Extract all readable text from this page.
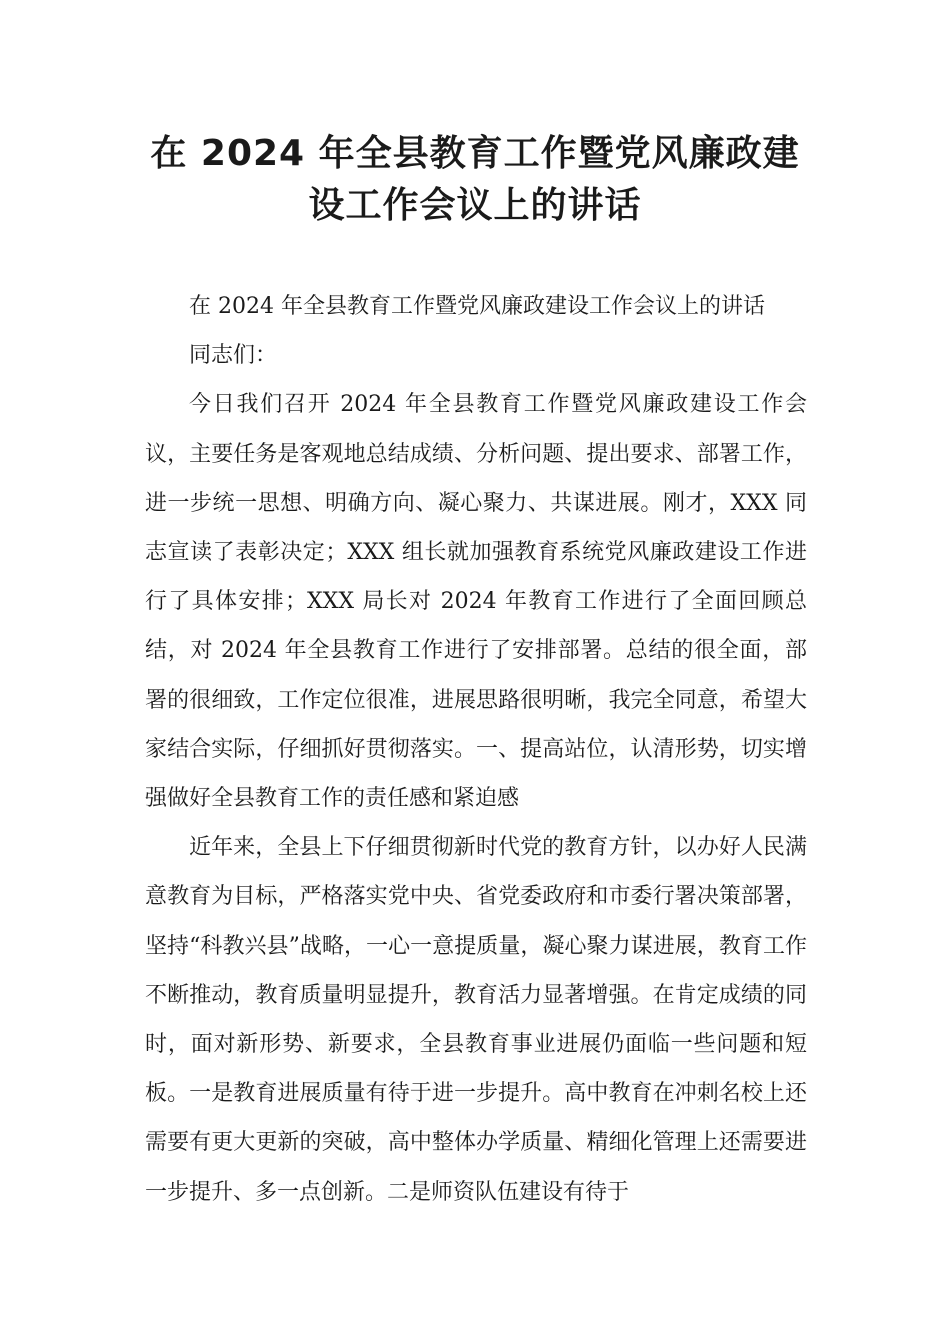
在 2024 年全县教育工作暨党风廉政建
设工作会议上的讲话

在 2024 年全县教育工作暨党风廉政建设工作会议上的讲话

同志们：

今日我们召开 2024 年全县教育工作暨党风廉政建设工作会议，主要任务是客观地总结成绩、分析问题、提出要求、部署工作，进一步统一思想、明确方向、凝心聚力、共谋进展。刚才，XXX 同志宣读了表彰决定；XXX 组长就加强教育系统党风廉政建设工作进行了具体安排；XXX 局长对 2024 年教育工作进行了全面回顾总结，对 2024 年全县教育工作进行了安排部署。总结的很全面，部署的很细致，工作定位很准，进展思路很明晰，我完全同意，希望大家结合实际，仔细抓好贯彻落实。一、提高站位，认清形势，切实增强做好全县教育工作的责任感和紧迫感

近年来，全县上下仔细贯彻新时代党的教育方针，以办好人民满意教育为目标，严格落实党中央、省党委政府和市委行署决策部署，坚持“科教兴县”战略，一心一意提质量，凝心聚力谋进展，教育工作不断推动，教育质量明显提升，教育活力显著增强。在肯定成绩的同时，面对新形势、新要求，全县教育事业进展仍面临一些问题和短板。一是教育进展质量有待于进一步提升。高中教育在冲刺名校上还需要有更大更新的突破，高中整体办学质量、精细化管理上还需要进一步提升、多一点创新。二是师资队伍建设有待于
